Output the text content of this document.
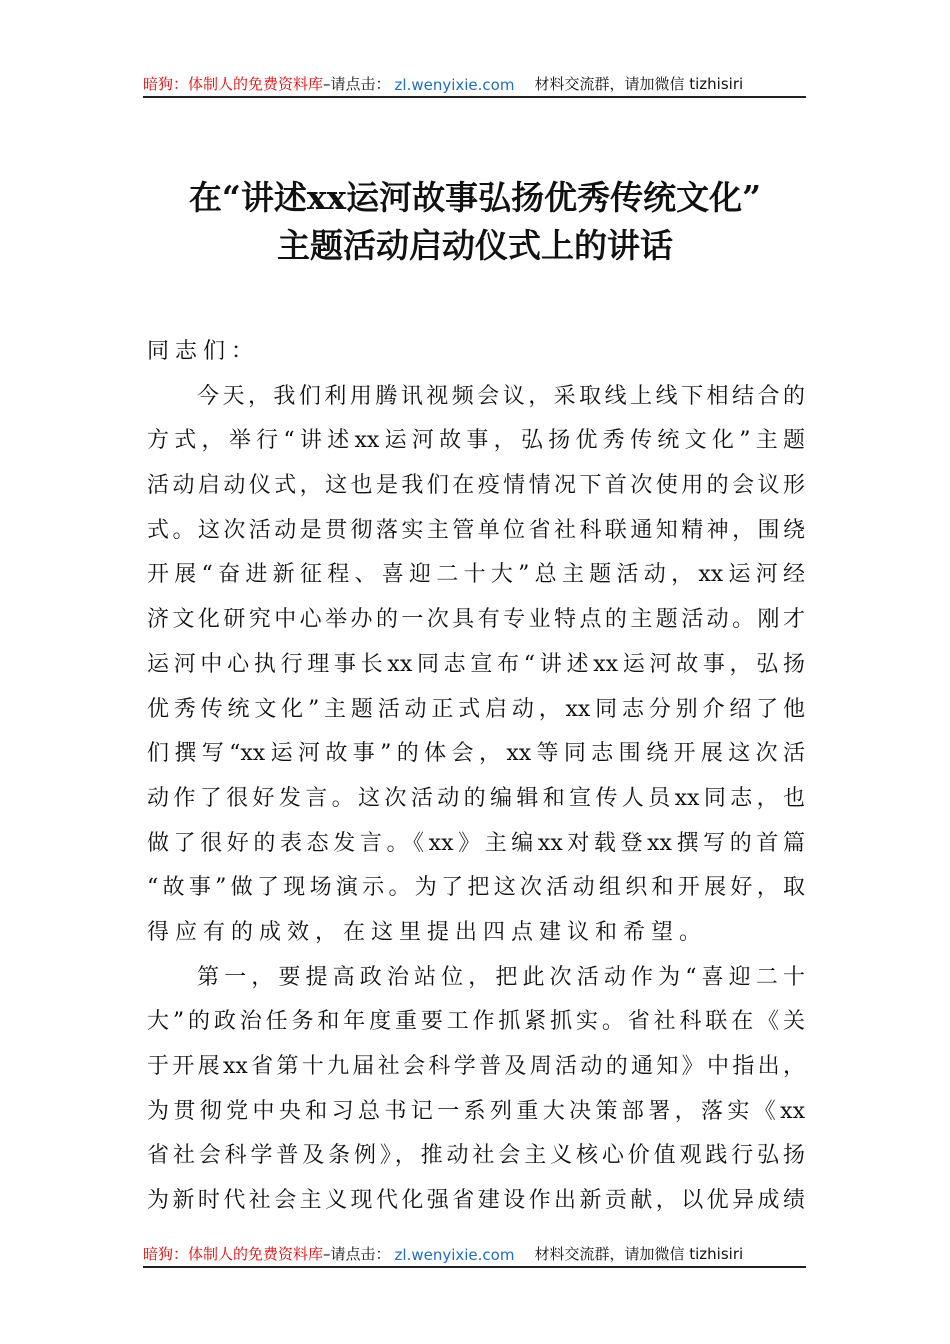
暗狗：体制人的免费资料库 –请点击： zl.wenyixie.com 材料交流群，请加微信 tizhisiri
在“讲述xx运河故事弘扬优秀传统文化”
主题活动启动仪式上的讲话
同志们：
今天，我们利用腾讯视频会议，采取线上线下相结合的
方式，举行“讲述xx运河故事，弘扬优秀传统文化”主题
活动启动仪式，这也是我们在疫情情况下首次使用的会议形
式。这次活动是贯彻落实主管单位省社科联通知精神，围绕
开展“奋进新征程、喜迎二十大”总主题活动，xx运河经
济文化研究中心举办的一次具有专业特点的主题活动。刚才
运河中心执行理事长xx同志宣布“讲述xx运河故事，弘扬
优秀传统文化”主题活动正式启动，xx同志分别介绍了他
们撰写“xx运河故事”的体会，xx等同志围绕开展这次活
动作了很好发言。这次活动的编辑和宣传人员xx同志，也
做了很好的表态发言。《xx》主编xx对载登xx撰写的首篇
“故事”做了现场演示。为了把这次活动组织和开展好，取
得应有的成效，在这里提出四点建议和希望。
第一，要提高政治站位，把此次活动作为“喜迎二十
大”的政治任务和年度重要工作抓紧抓实。省社科联在《关
于开展xx省第十九届社会科学普及周活动的通知》中指出，
为贯彻党中央和习总书记一系列重大决策部署，落实《xx
省社会科学普及条例》，推动社会主义核心价值观践行弘扬
为新时代社会主义现代化强省建设作出新贡献，以优异成绩
暗狗：体制人的免费资料库 –请点击： zl.wenyixie.com 材料交流群，请加微信 tizhisiri
